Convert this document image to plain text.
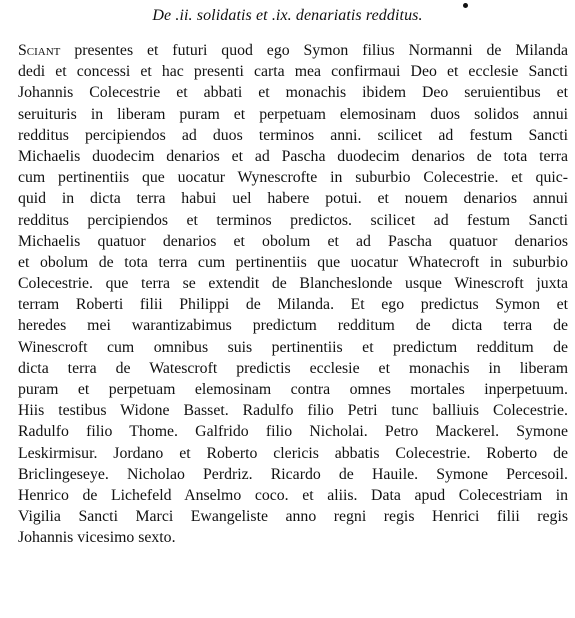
De .ii. solidatis et .ix. denariatis redditus.
Sciant presentes et futuri quod ego Symon filius Normanni de Milanda
dedi et concessi et hac presenti carta mea confirmaui Deo et ecclesie Sancti
Johannis Colecestrie et abbati et monachis ibidem Deo seruientibus et
seruituris in liberam puram et perpetuam elemosinam duos solidos annui
redditus percipiendos ad duos terminos anni. scilicet ad festum Sancti
Michaelis duodecim denarios et ad Pascha duodecim denarios de tota terra
cum pertinentiis que uocatur Wynescrofte in suburbio Colecestrie. et quic-
quid in dicta terra habui uel habere potui. et nouem denarios annui
redditus percipiendos et terminos predictos. scilicet ad festum Sancti
Michaelis quatuor denarios et obolum et ad Pascha quatuor denarios
et obolum de tota terra cum pertinentiis que uocatur Whatecroft in suburbio
Colecestrie. que terra se extendit de Blancheslonde usque Winescroft juxta
terram Roberti filii Philippi de Milanda. Et ego predictus Symon et
heredes mei warantizabimus predictum redditum de dicta terra de
Winescroft cum omnibus suis pertinentiis et predictum redditum de
dicta terra de Watescroft predictis ecclesie et monachis in liberam
puram et perpetuam elemosinam contra omnes mortales inperpetuum.
Hiis testibus Widone Basset. Radulfo filio Petri tunc balliuis Colecestrie.
Radulfo filio Thome. Galfrido filio Nicholai. Petro Mackerel. Symone
Leskirmisur. Jordano et Roberto clericis abbatis Colecestrie. Roberto de
Briclingeseye. Nicholao Perdriz. Ricardo de Hauile. Symone Percesoil.
Henrico de Lichefeld Anselmo coco. et aliis. Data apud Colecestriam in
Vigilia Sancti Marci Ewangeliste anno regni regis Henrici filii regis
Johannis vicesimo sexto.
